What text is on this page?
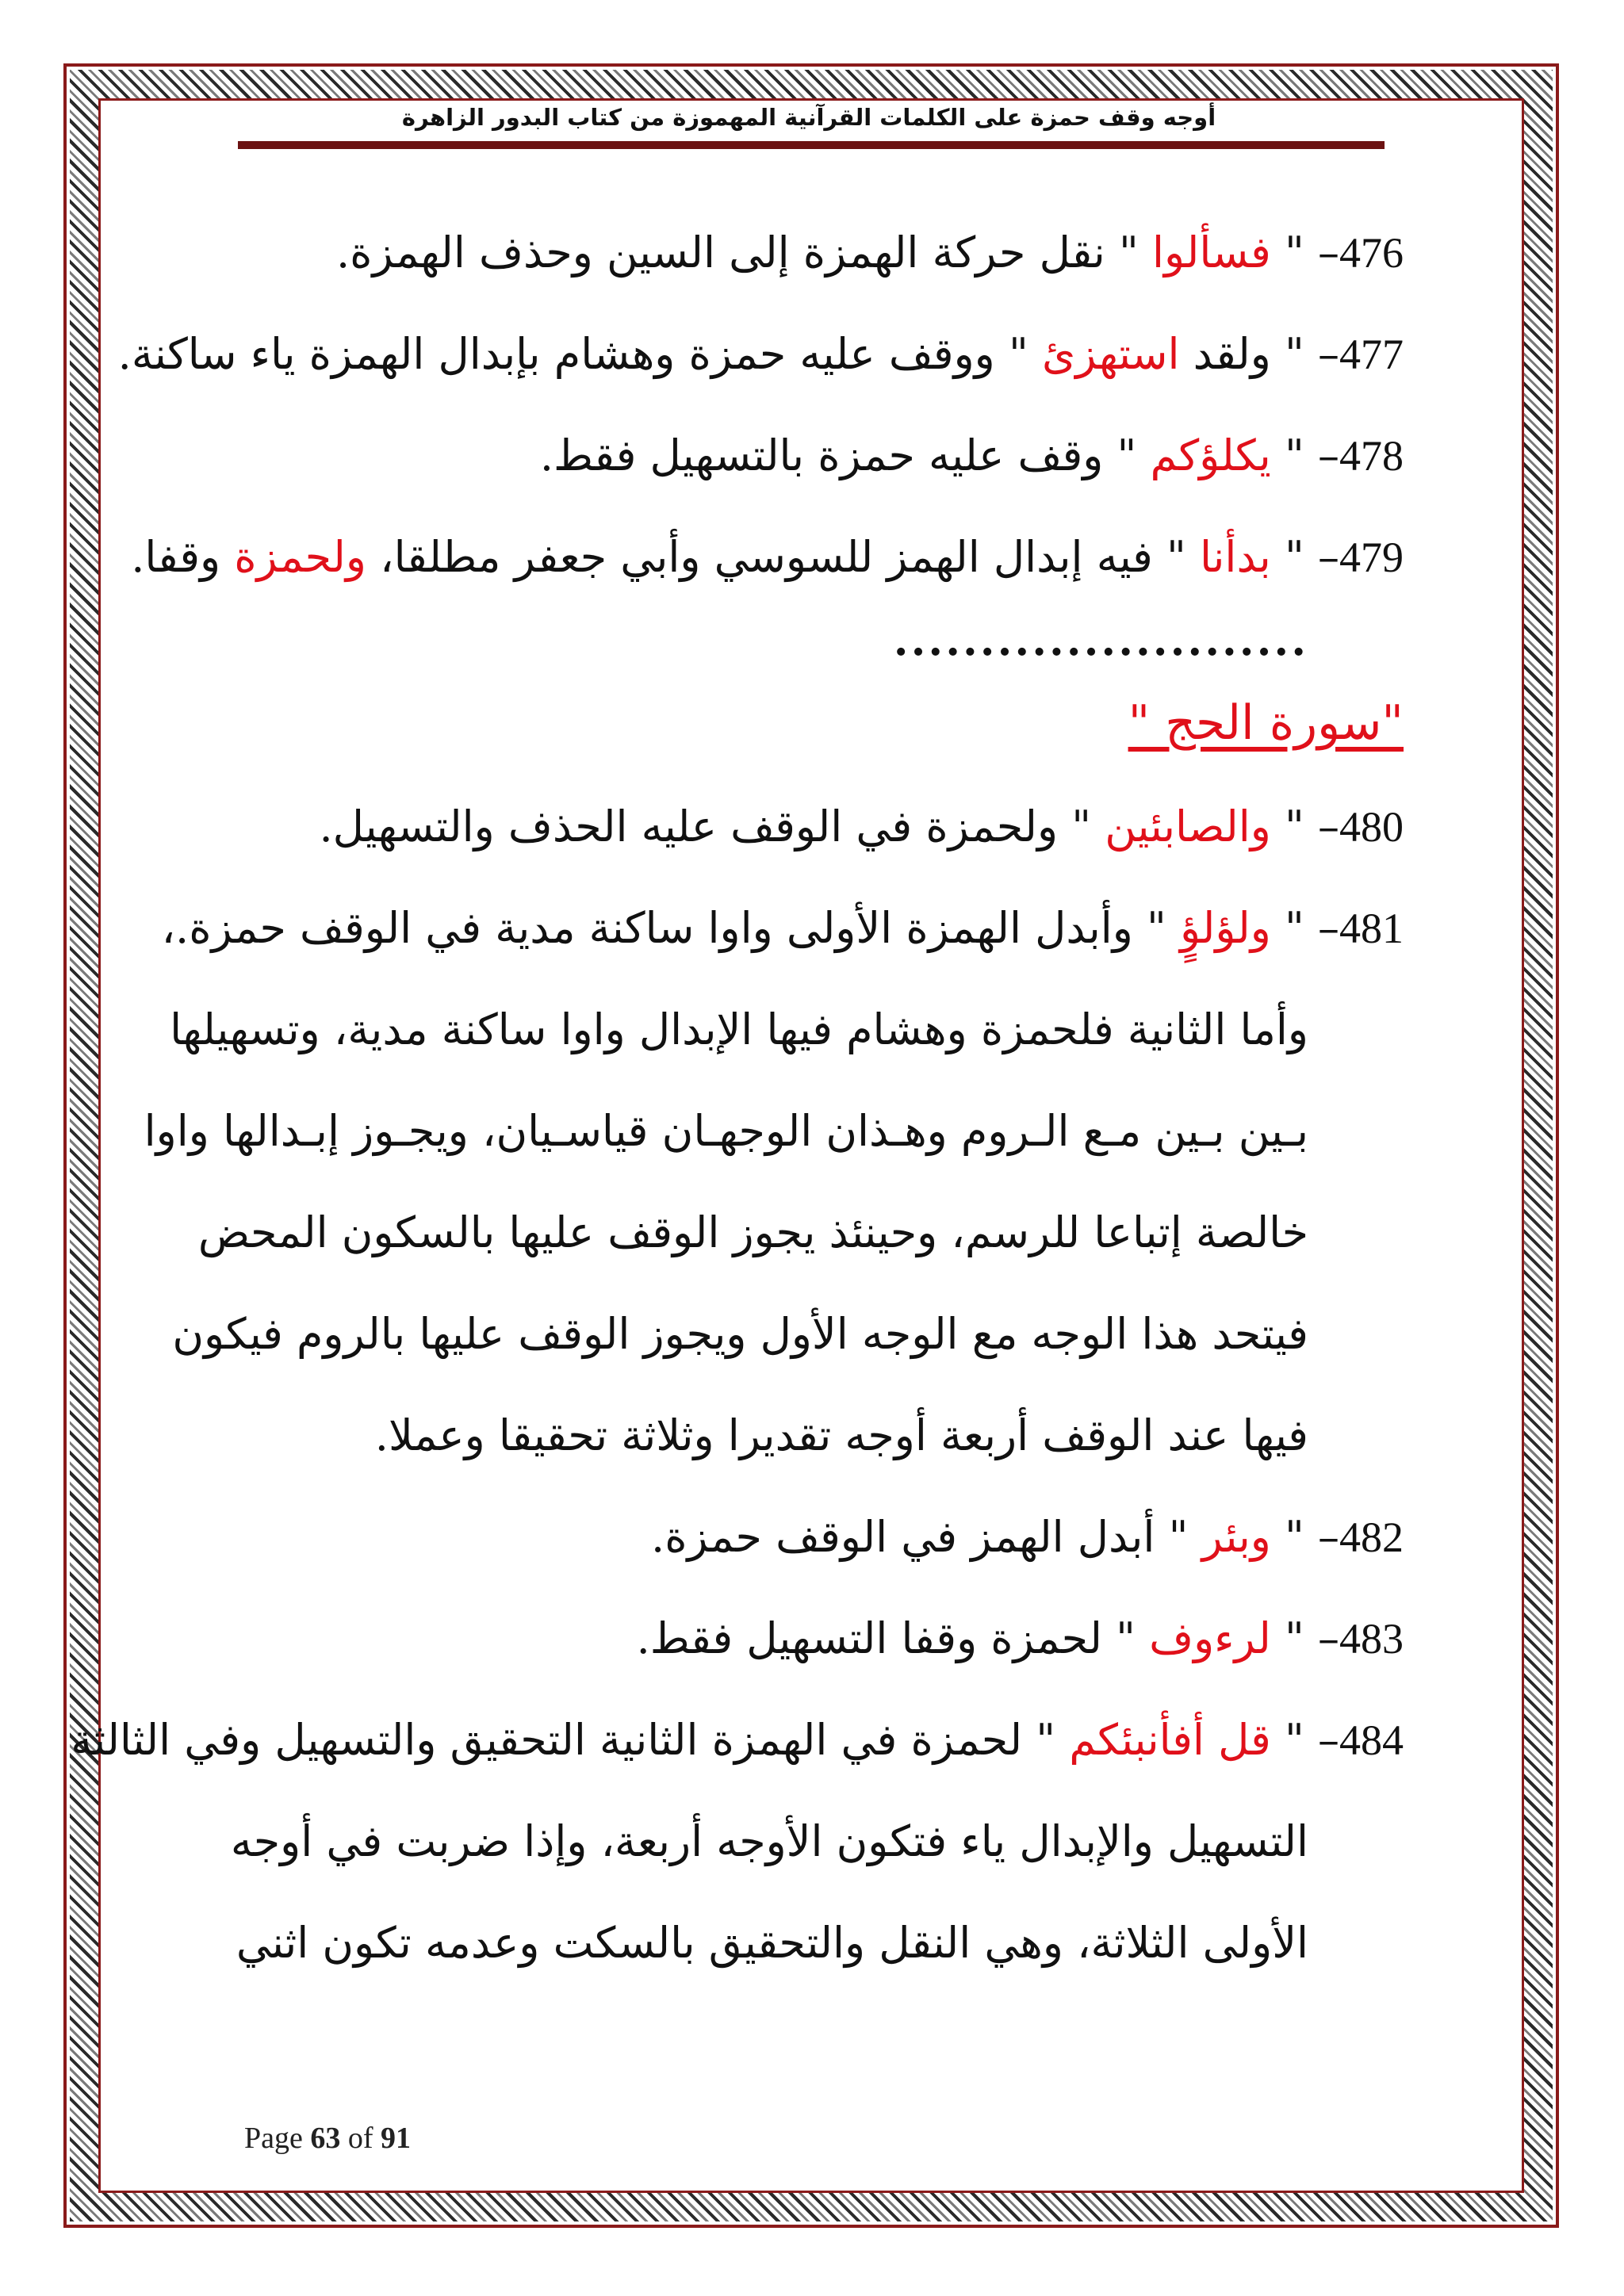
أوجه وقف حمزة على الكلمات القرآنية المهموزة من كتاب البدور الزاهرة
476– " فسألوا " نقل حركة الهمزة إلى السين وحذف الهمزة.
477– " ولقد استهزئ " ووقف عليه حمزة وهشام بإبدال الهمزة ياء ساكنة.
478– " يكلؤكم " وقف عليه حمزة بالتسهيل فقط.
479– " بدأنا " فيه إبدال الهمز للسوسي وأبي جعفر مطلقا، ولحمزة وقفا.
........................
"سورة الحج "
480– " والصابئين " ولحمزة في الوقف عليه الحذف والتسهيل.
481– " ولؤلؤٍ " وأبدل الهمزة الأولى واوا ساكنة مدية في الوقف حمزة.،
وأما الثانية فلحمزة وهشام فيها الإبدال واوا ساكنة مدية، وتسهيلها
بـين بـين مـع الـروم وهـذان الوجهـان قياسـيان، ويجـوز إبـدالها واوا
خالصة إتباعا للرسم، وحينئذ يجوز الوقف عليها بالسكون المحض
فيتحد هذا الوجه مع الوجه الأول ويجوز الوقف عليها بالروم فيكون
فيها عند الوقف أربعة أوجه تقديرا وثلاثة تحقيقا وعملا.
482– " وبئر " أبدل الهمز في الوقف حمزة.
483– " لرءوف " لحمزة وقفا التسهيل فقط.
484– " قل أفأنبئكم " لحمزة في الهمزة الثانية التحقيق والتسهيل وفي الثالثة
التسهيل والإبدال ياء فتكون الأوجه أربعة، وإذا ضربت في أوجه
الأولى الثلاثة، وهي النقل والتحقيق بالسكت وعدمه تكون اثني
Page 63 of 91
